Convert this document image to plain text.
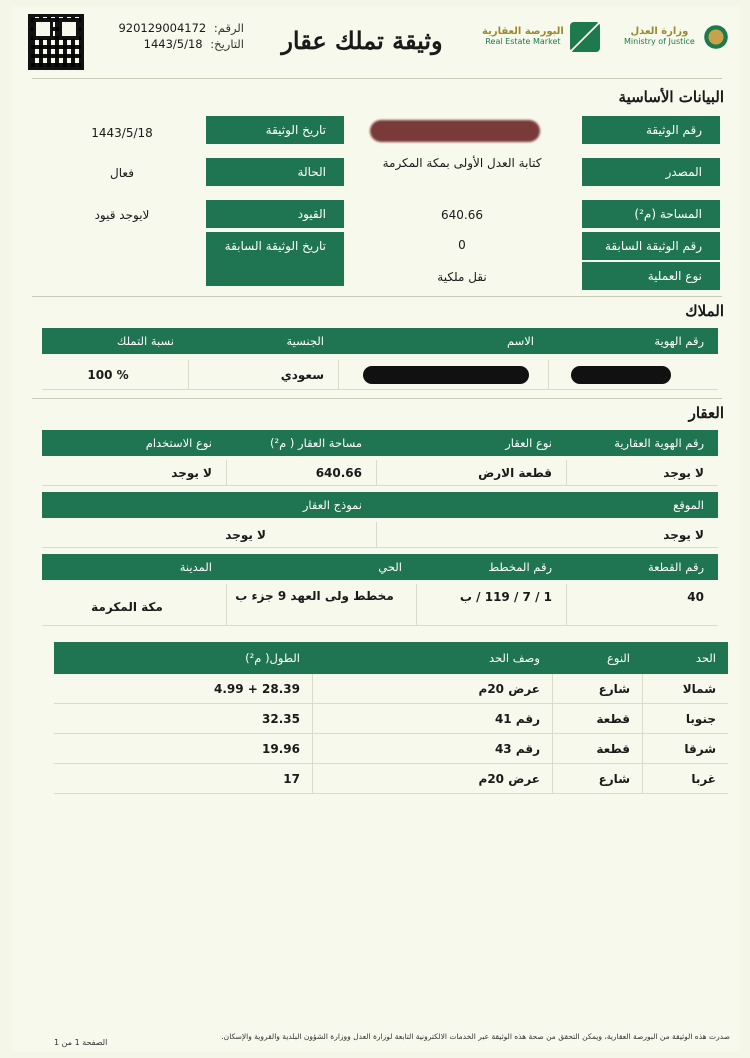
الرقم: 920129004172
التاريخ: 1443/5/18	وثيقة تملك عقار	البورصة العقارية
Real Estate Market
وزارة العدل
Ministry of Justice
البيانات الأساسية
رقم الوثيقة
المصدر
كتابة العدل الأولى بمكة المكرمة
المساحة (م²)
640.66
رقم الوثيقة السابقة
0
نوع العملية
نقل ملكية
تاريخ الوثيقة
1443/5/18
الحالة
فعال
القيود
لايوجد قيود
تاريخ الوثيقة السابقة
الملاك
رقم الهوية
الاسم
الجنسية
نسبة التملك
سعودي
100 %
العقار
رقم الهوية العقارية
نوع العقار
مساحة العقار ( م²)
نوع الاستخدام
لا يوجد
قطعة الارض
640.66
لا يوجد
الموقع
نموذج العقار
لا يوجد
لا يوجد
رقم القطعة
رقم المخطط
الحي
المدينة
40
1 / 7 / 119 / ب
مخطط ولى العهد 9 جزء ب
مكة المكرمة
الحد
النوع
وصف الحد
الطول( م²)
شمالا
شارع
عرض 20م
28.39 + 4.99
جنوبا
قطعة
رقم 41
32.35
شرقا
قطعة
رقم 43
19.96
غربا
شارع
عرض 20م
17
صدرت هذه الوثيقة من البورصة العقارية، ويمكن التحقق من صحة هذه الوثيقة عبر الخدمات الالكترونية التابعة لوزارة العدل ووزارة الشؤون البلدية والقروية والإسكان.
الصفحة 1 من 1
